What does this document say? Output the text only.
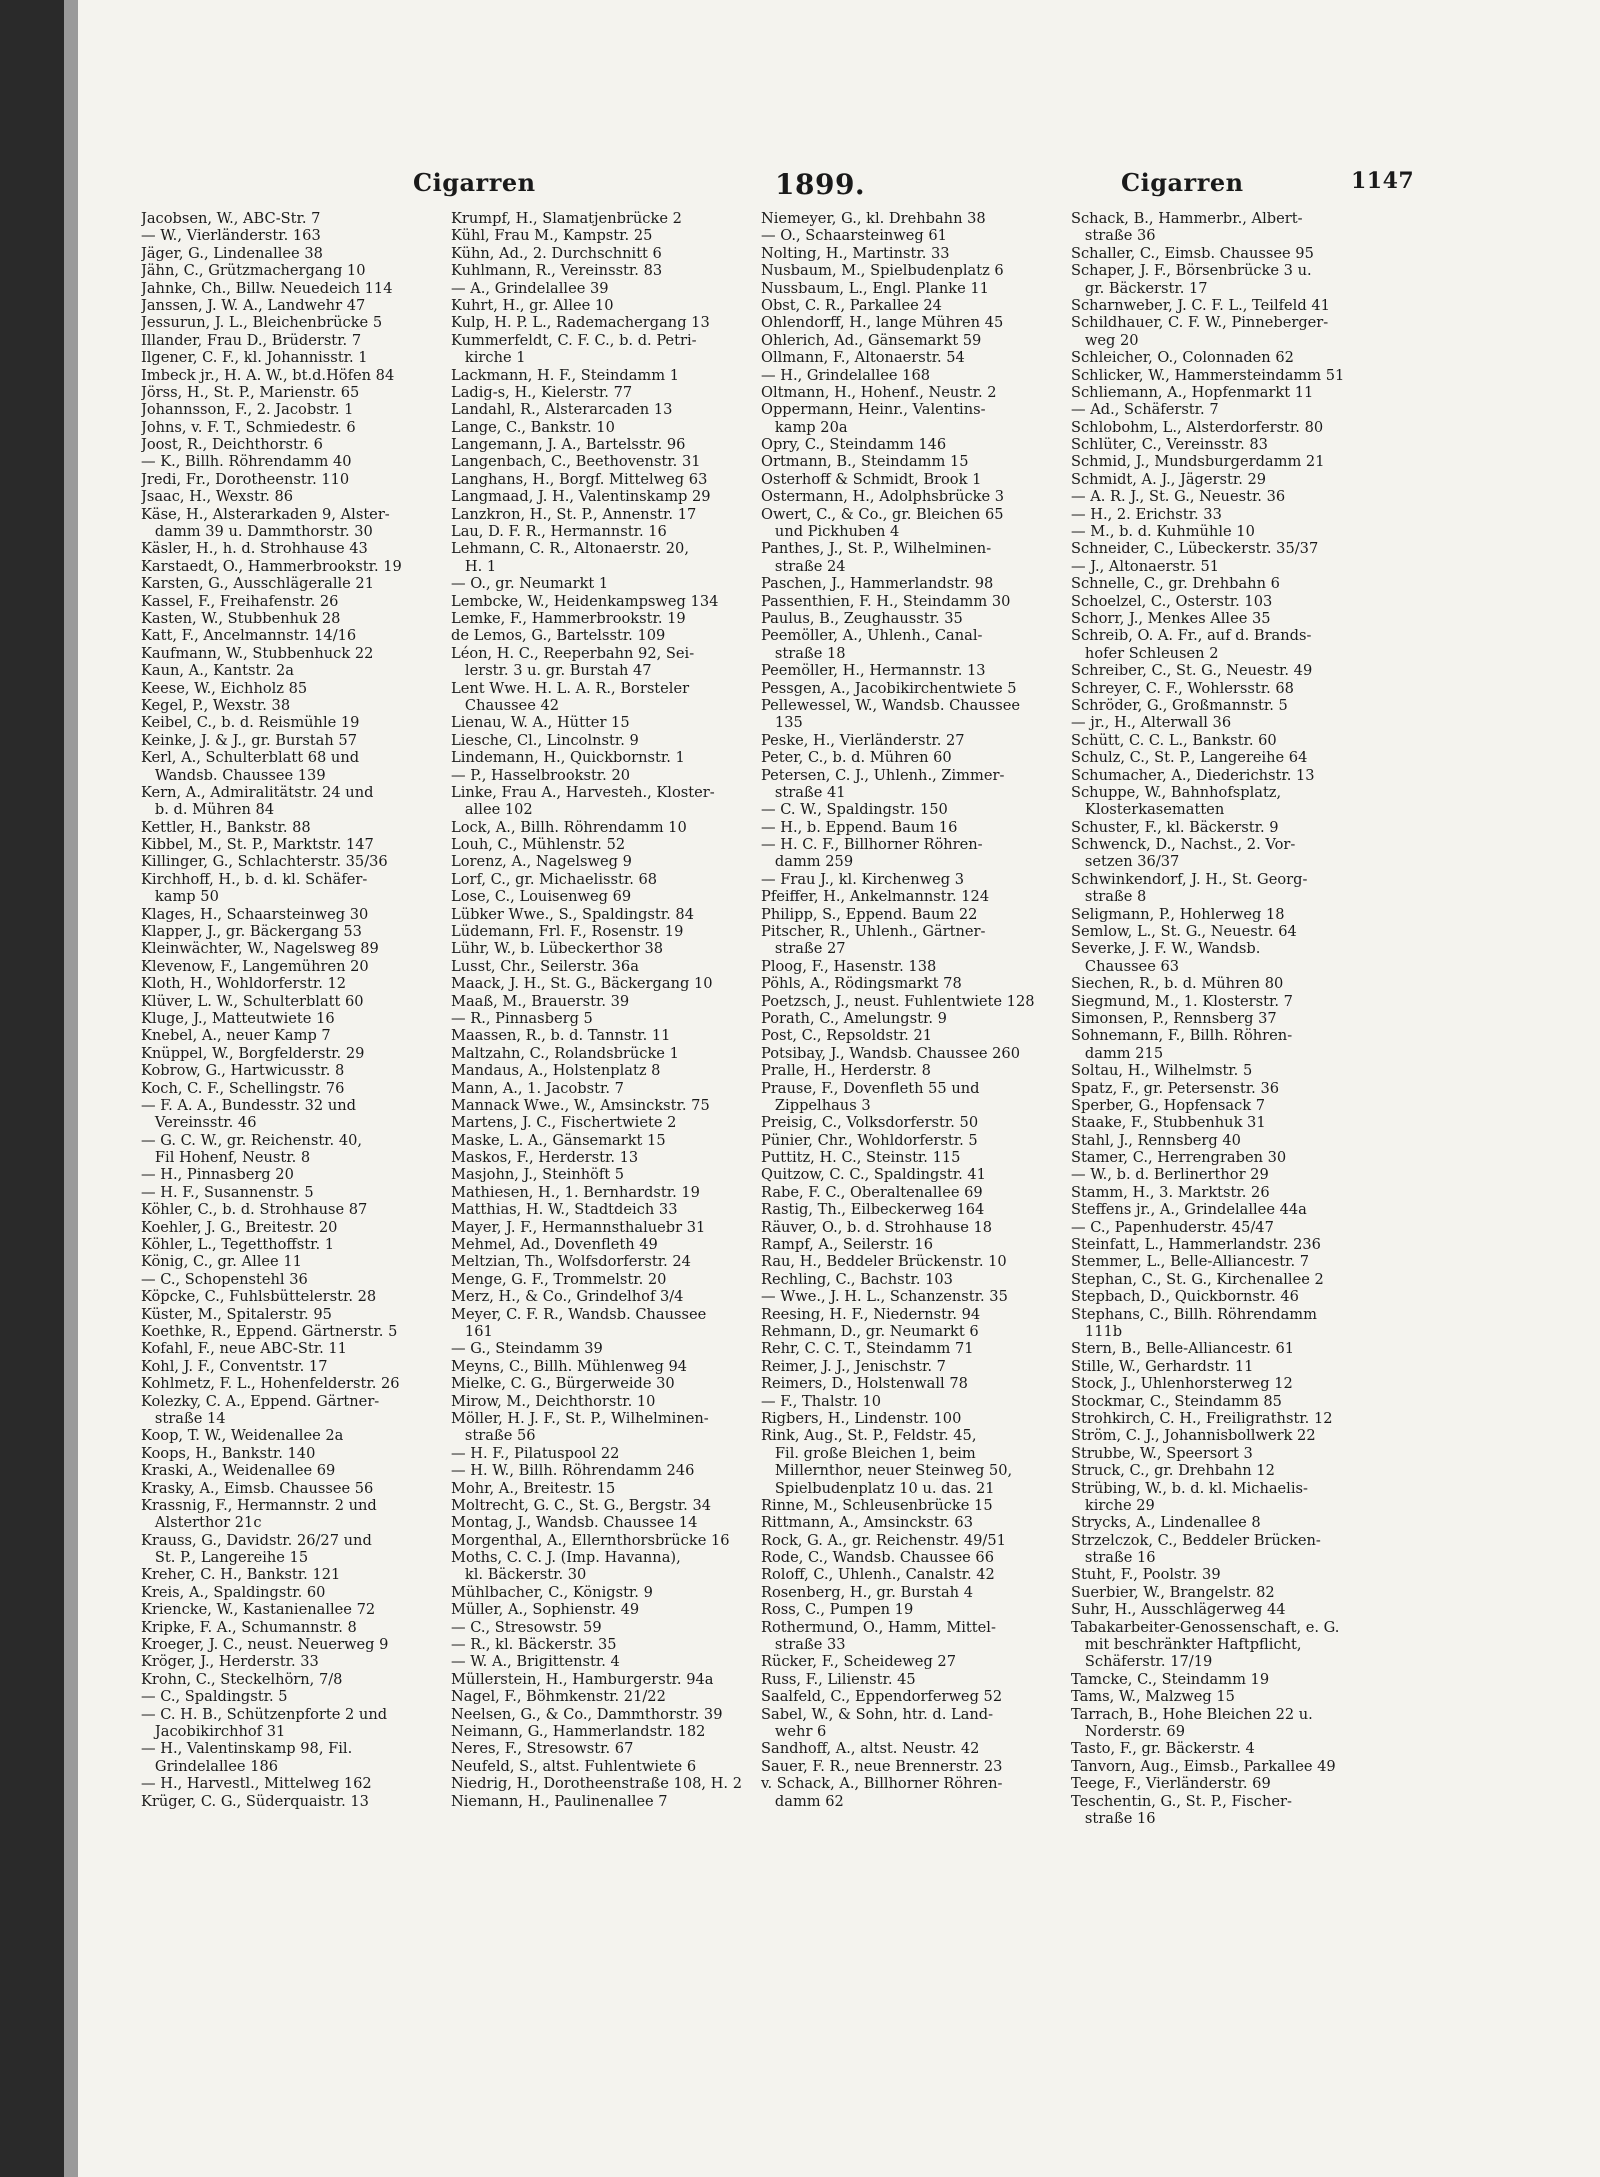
Cigarren	1899.	Cigarren	1147
Jacobsen, W., ABC-Str. 7
— W., Vierländerstr. 163
Jäger, G., Lindenallee 38
Jähn, C., Grützmachergang 10
Jahnke, Ch., Billw. Neuedeich 114
Janssen, J. W. A., Landwehr 47
Jessurun, J. L., Bleichenbrücke 5
Illander, Frau D., Brüderstr. 7
Ilgener, C. F., kl. Johannisstr. 1
Imbeck jr., H. A. W., bt.d.Höfen 84
Jörss, H., St. P., Marienstr. 65
Johannsson, F., 2. Jacobstr. 1
Johns, v. F. T., Schmiedestr. 6
Joost, R., Deichthorstr. 6
— K., Billh. Röhrendamm 40
Jredi, Fr., Dorotheenstr. 110
Jsaac, H., Wexstr. 86
Käse, H., Alsterarkaden 9, Alster-
damm 39 u. Dammthorstr. 30
Käsler, H., h. d. Strohhause 43
Karstaedt, O., Hammerbrookstr. 19
Karsten, G., Ausschlägeralle 21
Kassel, F., Freihafenstr. 26
Kasten, W., Stubbenhuk 28
Katt, F., Ancelmannstr. 14/16
Kaufmann, W., Stubbenhuck 22
Kaun, A., Kantstr. 2a
Keese, W., Eichholz 85
Kegel, P., Wexstr. 38
Keibel, C., b. d. Reismühle 19
Keinke, J. & J., gr. Burstah 57
Kerl, A., Schulterblatt 68 und
Wandsb. Chaussee 139
Kern, A., Admiralitätstr. 24 und
b. d. Mühren 84
Kettler, H., Bankstr. 88
Kibbel, M., St. P., Marktstr. 147
Killinger, G., Schlachterstr. 35/36
Kirchhoff, H., b. d. kl. Schäfer-
kamp 50
Klages, H., Schaarsteinweg 30
Klapper, J., gr. Bäckergang 53
Kleinwächter, W., Nagelsweg 89
Klevenow, F., Langemühren 20
Kloth, H., Wohldorferstr. 12
Klüver, L. W., Schulterblatt 60
Kluge, J., Matteutwiete 16
Knebel, A., neuer Kamp 7
Knüppel, W., Borgfelderstr. 29
Kobrow, G., Hartwicusstr. 8
Koch, C. F., Schellingstr. 76
— F. A. A., Bundesstr. 32 und
Vereinsstr. 46
— G. C. W., gr. Reichenstr. 40,
Fil Hohenf, Neustr. 8
— H., Pinnasberg 20
— H. F., Susannenstr. 5
Köhler, C., b. d. Strohhause 87
Koehler, J. G., Breitestr. 20
Köhler, L., Tegetthoffstr. 1
König, C., gr. Allee 11
— C., Schopenstehl 36
Köpcke, C., Fuhlsbüttelerstr. 28
Küster, M., Spitalerstr. 95
Koethke, R., Eppend. Gärtnerstr. 5
Kofahl, F., neue ABC-Str. 11
Kohl, J. F., Conventstr. 17
Kohlmetz, F. L., Hohenfelderstr. 26
Kolezky, C. A., Eppend. Gärtner-
straße 14
Koop, T. W., Weidenallee 2a
Koops, H., Bankstr. 140
Kraski, A., Weidenallee 69
Krasky, A., Eimsb. Chaussee 56
Krassnig, F., Hermannstr. 2 und
Alsterthor 21c
Krauss, G., Davidstr. 26/27 und
St. P., Langereihe 15
Kreher, C. H., Bankstr. 121
Kreis, A., Spaldingstr. 60
Kriencke, W., Kastanienallee 72
Kripke, F. A., Schumannstr. 8
Kroeger, J. C., neust. Neuerweg 9
Kröger, J., Herderstr. 33
Krohn, C., Steckelhörn, 7/8
— C., Spaldingstr. 5
— C. H. B., Schützenpforte 2 und
Jacobikirchhof 31
— H., Valentinskamp 98, Fil.
Grindelallee 186
— H., Harvestl., Mittelweg 162
Krüger, C. G., Süderquaistr. 13
Krumpf, H., Slamatjenbrücke 2
Kühl, Frau M., Kampstr. 25
Kühn, Ad., 2. Durchschnitt 6
Kuhlmann, R., Vereinsstr. 83
— A., Grindelallee 39
Kuhrt, H., gr. Allee 10
Kulp, H. P. L., Rademachergang 13
Kummerfeldt, C. F. C., b. d. Petri-
kirche 1
Lackmann, H. F., Steindamm 1
Ladig-s, H., Kielerstr. 77
Landahl, R., Alsterarcaden 13
Lange, C., Bankstr. 10
Langemann, J. A., Bartelsstr. 96
Langenbach, C., Beethovenstr. 31
Langhans, H., Borgf. Mittelweg 63
Langmaad, J. H., Valentinskamp 29
Lanzkron, H., St. P., Annenstr. 17
Lau, D. F. R., Hermannstr. 16
Lehmann, C. R., Altonaerstr. 20,
H. 1
— O., gr. Neumarkt 1
Lembcke, W., Heidenkampsweg 134
Lemke, F., Hammerbrookstr. 19
de Lemos, G., Bartelsstr. 109
Léon, H. C., Reeperbahn 92, Sei-
lerstr. 3 u. gr. Burstah 47
Lent Wwe. H. L. A. R., Borsteler
Chaussee 42
Lienau, W. A., Hütter 15
Liesche, Cl., Lincolnstr. 9
Lindemann, H., Quickbornstr. 1
— P., Hasselbrookstr. 20
Linke, Frau A., Harvesteh., Kloster-
allee 102
Lock, A., Billh. Röhrendamm 10
Louh, C., Mühlenstr. 52
Lorenz, A., Nagelsweg 9
Lorf, C., gr. Michaelisstr. 68
Lose, C., Louisenweg 69
Lübker Wwe., S., Spaldingstr. 84
Lüdemann, Frl. F., Rosenstr. 19
Lühr, W., b. Lübeckerthor 38
Lusst, Chr., Seilerstr. 36a
Maack, J. H., St. G., Bäckergang 10
Maaß, M., Brauerstr. 39
— R., Pinnasberg 5
Maassen, R., b. d. Tannstr. 11
Maltzahn, C., Rolandsbrücke 1
Mandaus, A., Holstenplatz 8
Mann, A., 1. Jacobstr. 7
Mannack Wwe., W., Amsinckstr. 75
Martens, J. C., Fischertwiete 2
Maske, L. A., Gänsemarkt 15
Maskos, F., Herderstr. 13
Masjohn, J., Steinhöft 5
Mathiesen, H., 1. Bernhardstr. 19
Matthias, H. W., Stadtdeich 33
Mayer, J. F., Hermannsthaluebr 31
Mehmel, Ad., Dovenfleth 49
Meltzian, Th., Wolfsdorferstr. 24
Menge, G. F., Trommelstr. 20
Merz, H., & Co., Grindelhof 3/4
Meyer, C. F. R., Wandsb. Chaussee
161
— G., Steindamm 39
Meyns, C., Billh. Mühlenweg 94
Mielke, C. G., Bürgerweide 30
Mirow, M., Deichthorstr. 10
Möller, H. J. F., St. P., Wilhelminen-
straße 56
— H. F., Pilatuspool 22
— H. W., Billh. Röhrendamm 246
Mohr, A., Breitestr. 15
Moltrecht, G. C., St. G., Bergstr. 34
Montag, J., Wandsb. Chaussee 14
Morgenthal, A., Ellernthorsbrücke 16
Moths, C. C. J. (Imp. Havanna),
kl. Bäckerstr. 30
Mühlbacher, C., Königstr. 9
Müller, A., Sophienstr. 49
— C., Stresowstr. 59
— R., kl. Bäckerstr. 35
— W. A., Brigittenstr. 4
Müllerstein, H., Hamburgerstr. 94a
Nagel, F., Böhmkenstr. 21/22
Neelsen, G., & Co., Dammthorstr. 39
Neimann, G., Hammerlandstr. 182
Neres, F., Stresowstr. 67
Neufeld, S., altst. Fuhlentwiete 6
Niedrig, H., Dorotheenstraße 108, H. 2
Niemann, H., Paulinenallee 7
Niemeyer, G., kl. Drehbahn 38
— O., Schaarsteinweg 61
Nolting, H., Martinstr. 33
Nusbaum, M., Spielbudenplatz 6
Nussbaum, L., Engl. Planke 11
Obst, C. R., Parkallee 24
Ohlendorff, H., lange Mühren 45
Ohlerich, Ad., Gänsemarkt 59
Ollmann, F., Altonaerstr. 54
— H., Grindelallee 168
Oltmann, H., Hohenf., Neustr. 2
Oppermann, Heinr., Valentins-
kamp 20a
Opry, C., Steindamm 146
Ortmann, B., Steindamm 15
Osterhoff & Schmidt, Brook 1
Ostermann, H., Adolphsbrücke 3
Owert, C., & Co., gr. Bleichen 65
und Pickhuben 4
Panthes, J., St. P., Wilhelminen-
straße 24
Paschen, J., Hammerlandstr. 98
Passenthien, F. H., Steindamm 30
Paulus, B., Zeughausstr. 35
Peemöller, A., Uhlenh., Canal-
straße 18
Peemöller, H., Hermannstr. 13
Pessgen, A., Jacobikirchentwiete 5
Pellewessel, W., Wandsb. Chaussee
135
Peske, H., Vierländerstr. 27
Peter, C., b. d. Mühren 60
Petersen, C. J., Uhlenh., Zimmer-
straße 41
— C. W., Spaldingstr. 150
— H., b. Eppend. Baum 16
— H. C. F., Billhorner Röhren-
damm 259
— Frau J., kl. Kirchenweg 3
Pfeiffer, H., Ankelmannstr. 124
Philipp, S., Eppend. Baum 22
Pitscher, R., Uhlenh., Gärtner-
straße 27
Ploog, F., Hasenstr. 138
Pöhls, A., Rödingsmarkt 78
Poetzsch, J., neust. Fuhlentwiete 128
Porath, C., Amelungstr. 9
Post, C., Repsoldstr. 21
Potsibay, J., Wandsb. Chaussee 260
Pralle, H., Herderstr. 8
Prause, F., Dovenfleth 55 und
Zippelhaus 3
Preisig, C., Volksdorferstr. 50
Pünier, Chr., Wohldorferstr. 5
Puttitz, H. C., Steinstr. 115
Quitzow, C. C., Spaldingstr. 41
Rabe, F. C., Oberaltenallee 69
Rastig, Th., Eilbeckerweg 164
Räuver, O., b. d. Strohhause 18
Rampf, A., Seilerstr. 16
Rau, H., Beddeler Brückenstr. 10
Rechling, C., Bachstr. 103
— Wwe., J. H. L., Schanzenstr. 35
Reesing, H. F., Niedernstr. 94
Rehmann, D., gr. Neumarkt 6
Rehr, C. C. T., Steindamm 71
Reimer, J. J., Jenischstr. 7
Reimers, D., Holstenwall 78
— F., Thalstr. 10
Rigbers, H., Lindenstr. 100
Rink, Aug., St. P., Feldstr. 45,
Fil. große Bleichen 1, beim
Millernthor, neuer Steinweg 50,
Spielbudenplatz 10 u. das. 21
Rinne, M., Schleusenbrücke 15
Rittmann, A., Amsinckstr. 63
Rock, G. A., gr. Reichenstr. 49/51
Rode, C., Wandsb. Chaussee 66
Roloff, C., Uhlenh., Canalstr. 42
Rosenberg, H., gr. Burstah 4
Ross, C., Pumpen 19
Rothermund, O., Hamm, Mittel-
straße 33
Rücker, F., Scheideweg 27
Russ, F., Lilienstr. 45
Saalfeld, C., Eppendorferweg 52
Sabel, W., & Sohn, htr. d. Land-
wehr 6
Sandhoff, A., altst. Neustr. 42
Sauer, F. R., neue Brennerstr. 23
v. Schack, A., Billhorner Röhren-
damm 62
Schack, B., Hammerbr., Albert-
straße 36
Schaller, C., Eimsb. Chaussee 95
Schaper, J. F., Börsenbrücke 3 u.
gr. Bäckerstr. 17
Scharnweber, J. C. F. L., Teilfeld 41
Schildhauer, C. F. W., Pinneberger-
weg 20
Schleicher, O., Colonnaden 62
Schlicker, W., Hammersteindamm 51
Schliemann, A., Hopfenmarkt 11
— Ad., Schäferstr. 7
Schlobohm, L., Alsterdorferstr. 80
Schlüter, C., Vereinsstr. 83
Schmid, J., Mundsburgerdamm 21
Schmidt, A. J., Jägerstr. 29
— A. R. J., St. G., Neuestr. 36
— H., 2. Erichstr. 33
— M., b. d. Kuhmühle 10
Schneider, C., Lübeckerstr. 35/37
— J., Altonaerstr. 51
Schnelle, C., gr. Drehbahn 6
Schoelzel, C., Osterstr. 103
Schorr, J., Menkes Allee 35
Schreib, O. A. Fr., auf d. Brands-
hofer Schleusen 2
Schreiber, C., St. G., Neuestr. 49
Schreyer, C. F., Wohlersstr. 68
Schröder, G., Großmannstr. 5
— jr., H., Alterwall 36
Schütt, C. C. L., Bankstr. 60
Schulz, C., St. P., Langereihe 64
Schumacher, A., Diederichstr. 13
Schuppe, W., Bahnhofsplatz,
Klosterkasematten
Schuster, F., kl. Bäckerstr. 9
Schwenck, D., Nachst., 2. Vor-
setzen 36/37
Schwinkendorf, J. H., St. Georg-
straße 8
Seligmann, P., Hohlerweg 18
Semlow, L., St. G., Neuestr. 64
Severke, J. F. W., Wandsb.
Chaussee 63
Siechen, R., b. d. Mühren 80
Siegmund, M., 1. Klosterstr. 7
Simonsen, P., Rennsberg 37
Sohnemann, F., Billh. Röhren-
damm 215
Soltau, H., Wilhelmstr. 5
Spatz, F., gr. Petersenstr. 36
Sperber, G., Hopfensack 7
Staake, F., Stubbenhuk 31
Stahl, J., Rennsberg 40
Stamer, C., Herrengraben 30
— W., b. d. Berlinerthor 29
Stamm, H., 3. Marktstr. 26
Steffens jr., A., Grindelallee 44a
— C., Papenhuderstr. 45/47
Steinfatt, L., Hammerlandstr. 236
Stemmer, L., Belle-Alliancestr. 7
Stephan, C., St. G., Kirchenallee 2
Stepbach, D., Quickbornstr. 46
Stephans, C., Billh. Röhrendamm
111b
Stern, B., Belle-Alliancestr. 61
Stille, W., Gerhardstr. 11
Stock, J., Uhlenhorsterweg 12
Stockmar, C., Steindamm 85
Strohkirch, C. H., Freiligrathstr. 12
Ström, C. J., Johannisbollwerk 22
Strubbe, W., Speersort 3
Struck, C., gr. Drehbahn 12
Strübing, W., b. d. kl. Michaelis-
kirche 29
Strycks, A., Lindenallee 8
Strzelczok, C., Beddeler Brücken-
straße 16
Stuht, F., Poolstr. 39
Suerbier, W., Brangelstr. 82
Suhr, H., Ausschlägerweg 44
Tabakarbeiter-Genossenschaft, e. G.
mit beschränkter Haftpflicht,
Schäferstr. 17/19
Tamcke, C., Steindamm 19
Tams, W., Malzweg 15
Tarrach, B., Hohe Bleichen 22 u.
Norderstr. 69
Tasto, F., gr. Bäckerstr. 4
Tanvorn, Aug., Eimsb., Parkallee 49
Teege, F., Vierländerstr. 69
Teschentin, G., St. P., Fischer-
straße 16
